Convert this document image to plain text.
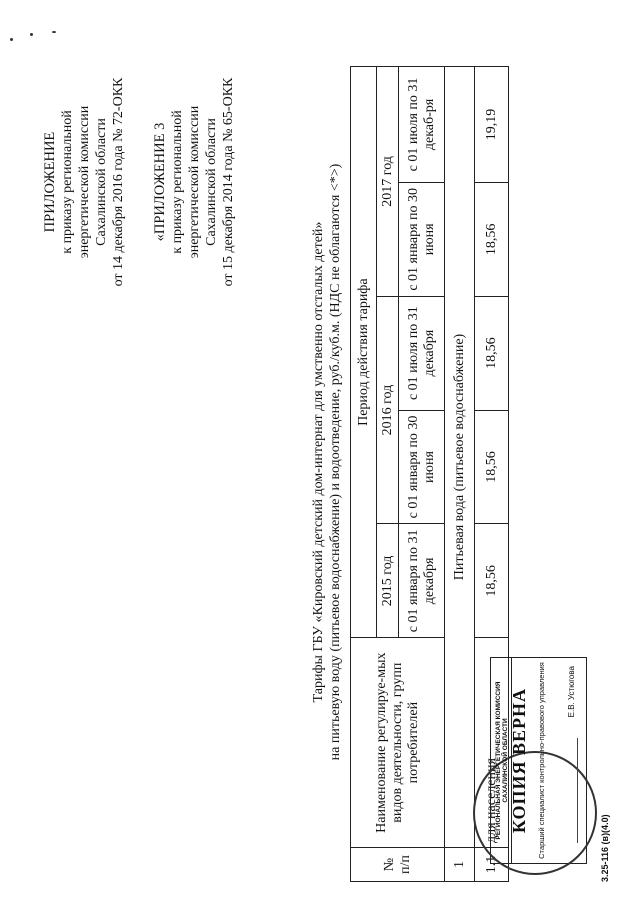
ПРИЛОЖЕНИЕ к приказу региональной энергетической комиссии Сахалинской области от 14 декабря 2016 года № 72-ОКК «ПРИЛОЖЕНИЕ 3 к приказу региональной энергетической комиссии Сахалинской области от 15 декабря 2014 года № 65-ОКК
Тарифы ГБУ «Кировский детский дом-интернат для умственно отсталых детей» на питьевую воду (питьевое водоснабжение) и водоотведение, руб./куб.м. (НДС не облагаются <*>)
№ п/п	Наименование регулируе-мых видов деятельности, групп потребителей	Период действия тарифа				
		2015 год	2016 год		2017 год	
		с 01 января по 31 декабря	с 01 января по 30 июня	с 01 июля по 31 декабря	с 01 января по 30 июня	с 01 июля по 31 декаб-ря
1	Питьевая вода (питьевое водоснабжение)					
1.1	для населения	18,56	18,56	18,56	18,56	19,19
РЕГИОНАЛЬНАЯ ЭНЕРГЕТИЧЕСКАЯ КОМИССИЯ САХАЛИНСКОЙ ОБЛАСТИ КОПИЯ ВЕРНА Старший специалист контрольно-правового управления	Е.В. Устюгова
3.25-116 (в)(4.0)
